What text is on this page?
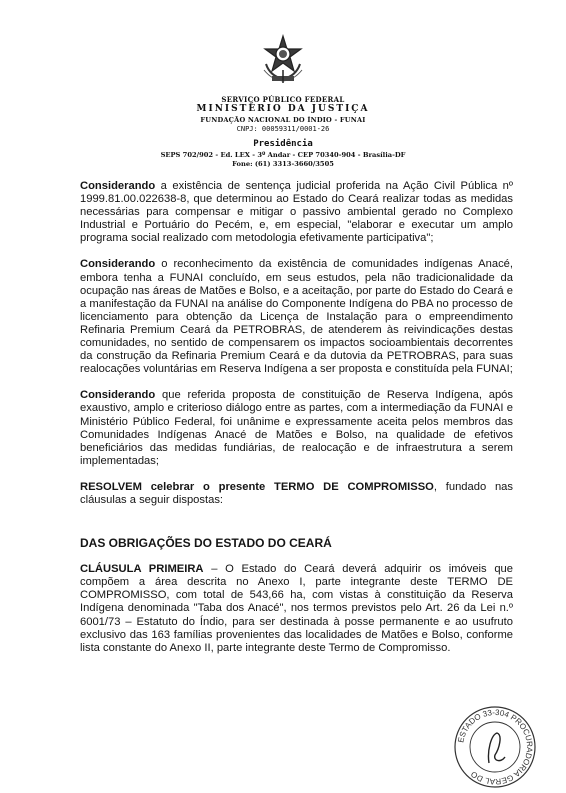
SERVIÇO PÚBLICO FEDERAL
MINISTÉRIO DA JUSTIÇA
FUNDAÇÃO NACIONAL DO ÍNDIO - FUNAI
CNPJ: 00059311/0001-26
Presidência
SEPS 702/902 - Ed. LEX - 3º Andar - CEP 70340-904 - Brasília-DF
Fone: (61) 3313-3660/3505

Considerando a existência de sentença judicial proferida na Ação Civil Pública nº 1999.81.00.022638-8, que determinou ao Estado do Ceará realizar todas as medidas necessárias para compensar e mitigar o passivo ambiental gerado no Complexo Industrial e Portuário do Pecém, e, em especial, "elaborar e executar um amplo programa social realizado com metodologia efetivamente participativa";

Considerando o reconhecimento da existência de comunidades indígenas Anacé, embora tenha a FUNAI concluído, em seus estudos, pela não tradicionalidade da ocupação nas áreas de Matões e Bolso, e a aceitação, por parte do Estado do Ceará e a manifestação da FUNAI na análise do Componente Indígena do PBA no processo de licenciamento para obtenção da Licença de Instalação para o empreendimento Refinaria Premium Ceará da PETROBRAS, de atenderem às reivindicações destas comunidades, no sentido de compensarem os impactos socioambientais decorrentes da construção da Refinaria Premium Ceará e da dutovia da PETROBRAS, para suas realocações voluntárias em Reserva Indígena a ser proposta e constituída pela FUNAI;

Considerando que referida proposta de constituição de Reserva Indígena, após exaustivo, amplo e criterioso diálogo entre as partes, com a intermediação da FUNAI e Ministério Público Federal, foi unânime e expressamente aceita pelos membros das Comunidades Indígenas Anacé de Matões e Bolso, na qualidade de efetivos beneficiários das medidas fundiárias, de realocação e de infraestrutura a serem implementadas;

RESOLVEM celebrar o presente TERMO DE COMPROMISSO, fundado nas cláusulas a seguir dispostas:

DAS OBRIGAÇÕES DO ESTADO DO CEARÁ

CLÁUSULA PRIMEIRA – O Estado do Ceará deverá adquirir os imóveis que compõem a área descrita no Anexo I, parte integrante deste TERMO DE COMPROMISSO, com total de 543,66 ha, com vistas à constituição da Reserva Indígena denominada "Taba dos Anacé", nos termos previstos pelo Art. 26 da Lei n.º 6001/73 – Estatuto do Índio, para ser destinada à posse permanente e ao usufruto exclusivo das 163 famílias provenientes das localidades de Matões e Bolso, conforme lista constante do Anexo II, parte integrante deste Termo de Compromisso.

ESTADO 33-304 PROCURADORIA GERAL DO
